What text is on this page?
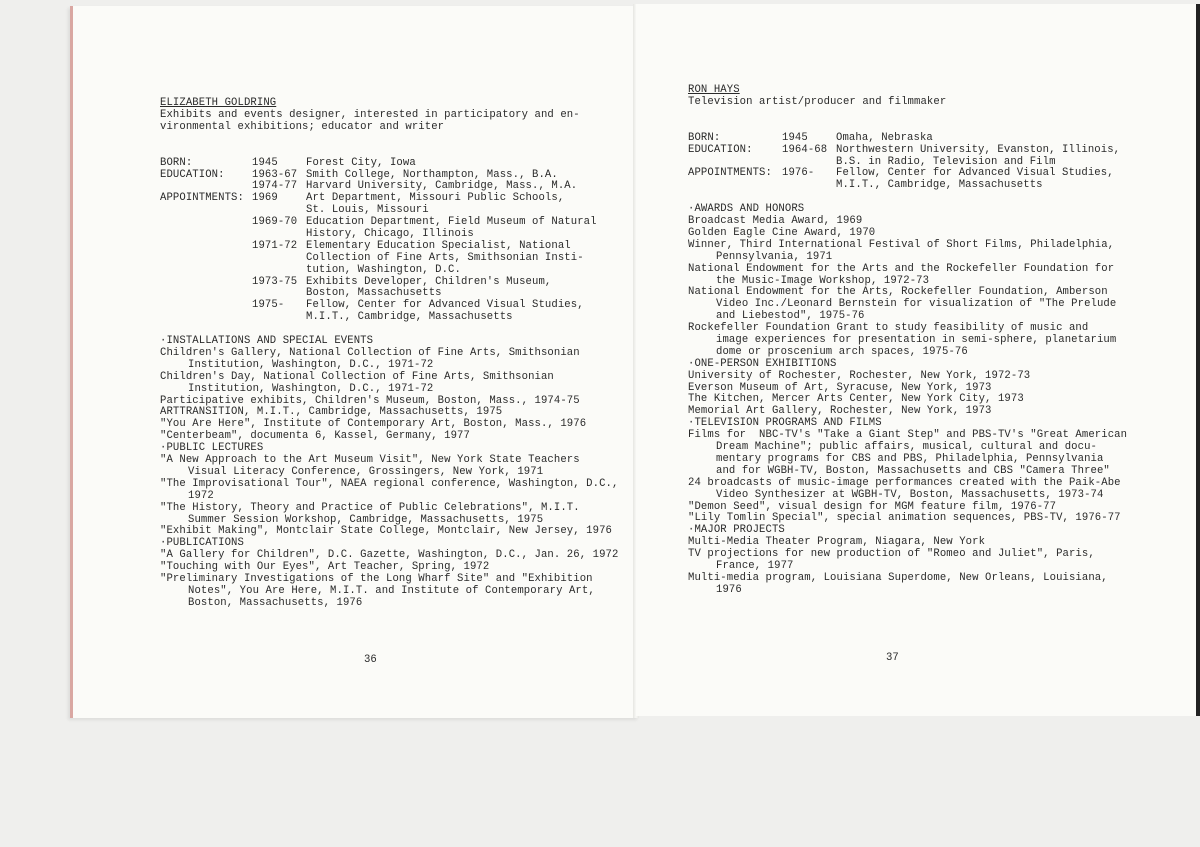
ELIZABETH GOLDRING
Exhibits and events designer, interested in participatory and en-
vironmental exhibitions; educator and writer
BORN:	1945	Forest City, Iowa
EDUCATION:	1963-67 Smith College, Northampton, Mass., B.A.
1974-77 Harvard University, Cambridge, Mass., M.A.
APPOINTMENTS: 1969	Art Department, Missouri Public Schools,
St. Louis, Missouri
1969-70 Education Department, Field Museum of Natural
History, Chicago, Illinois
1971-72 Elementary Education Specialist, National
Collection of Fine Arts, Smithsonian Insti-
tution, Washington, D.C.
1973-75 Exhibits Developer, Children's Museum,
Boston, Massachusetts
1975- Fellow, Center for Advanced Visual Studies,
M.I.T., Cambridge, Massachusetts
·INSTALLATIONS AND SPECIAL EVENTS
Children's Gallery, National Collection of Fine Arts, Smithsonian
Institution, Washington, D.C., 1971-72
Children's Day, National Collection of Fine Arts, Smithsonian
Institution, Washington, D.C., 1971-72
Participative exhibits, Children's Museum, Boston, Mass., 1974-75
ARTTRANSITION, M.I.T., Cambridge, Massachusetts, 1975
"You Are Here", Institute of Contemporary Art, Boston, Mass., 1976
"Centerbeam", documenta 6, Kassel, Germany, 1977
·PUBLIC LECTURES
"A New Approach to the Art Museum Visit", New York State Teachers
Visual Literacy Conference, Grossingers, New York, 1971
"The Improvisational Tour", NAEA regional conference, Washington, D.C.,
1972
"The History, Theory and Practice of Public Celebrations", M.I.T.
Summer Session Workshop, Cambridge, Massachusetts, 1975
"Exhibit Making", Montclair State College, Montclair, New Jersey, 1976
·PUBLICATIONS
"A Gallery for Children", D.C. Gazette, Washington, D.C., Jan. 26, 1972
"Touching with Our Eyes", Art Teacher, Spring, 1972
"Preliminary Investigations of the Long Wharf Site" and "Exhibition
Notes", You Are Here, M.I.T. and Institute of Contemporary Art,
Boston, Massachusetts, 1976
36
RON HAYS
Television artist/producer and filmmaker
BORN:	1945	Omaha, Nebraska
EDUCATION:	1964-68 Northwestern University, Evanston, Illinois,
B.S. in Radio, Television and Film
APPOINTMENTS: 1976- Fellow, Center for Advanced Visual Studies,
M.I.T., Cambridge, Massachusetts
·AWARDS AND HONORS
Broadcast Media Award, 1969
Golden Eagle Cine Award, 1970
Winner, Third International Festival of Short Films, Philadelphia,
Pennsylvania, 1971
National Endowment for the Arts and the Rockefeller Foundation for
the Music-Image Workshop, 1972-73
National Endowment for the Arts, Rockefeller Foundation, Amberson
Video Inc./Leonard Bernstein for visualization of "The Prelude
and Liebestod", 1975-76
Rockefeller Foundation Grant to study feasibility of music and
image experiences for presentation in semi-sphere, planetarium
dome or proscenium arch spaces, 1975-76
·ONE-PERSON EXHIBITIONS
University of Rochester, Rochester, New York, 1972-73
Everson Museum of Art, Syracuse, New York, 1973
The Kitchen, Mercer Arts Center, New York City, 1973
Memorial Art Gallery, Rochester, New York, 1973
·TELEVISION PROGRAMS AND FILMS
Films for  NBC-TV's "Take a Giant Step" and PBS-TV's "Great American
Dream Machine"; public affairs, musical, cultural and docu-
mentary programs for CBS and PBS, Philadelphia, Pennsylvania
and for WGBH-TV, Boston, Massachusetts and CBS "Camera Three"
24 broadcasts of music-image performances created with the Paik-Abe
Video Synthesizer at WGBH-TV, Boston, Massachusetts, 1973-74
"Demon Seed", visual design for MGM feature film, 1976-77
"Lily Tomlin Special", special animation sequences, PBS-TV, 1976-77
·MAJOR PROJECTS
Multi-Media Theater Program, Niagara, New York
TV projections for new production of "Romeo and Juliet", Paris,
France, 1977
Multi-media program, Louisiana Superdome, New Orleans, Louisiana,
1976
37
